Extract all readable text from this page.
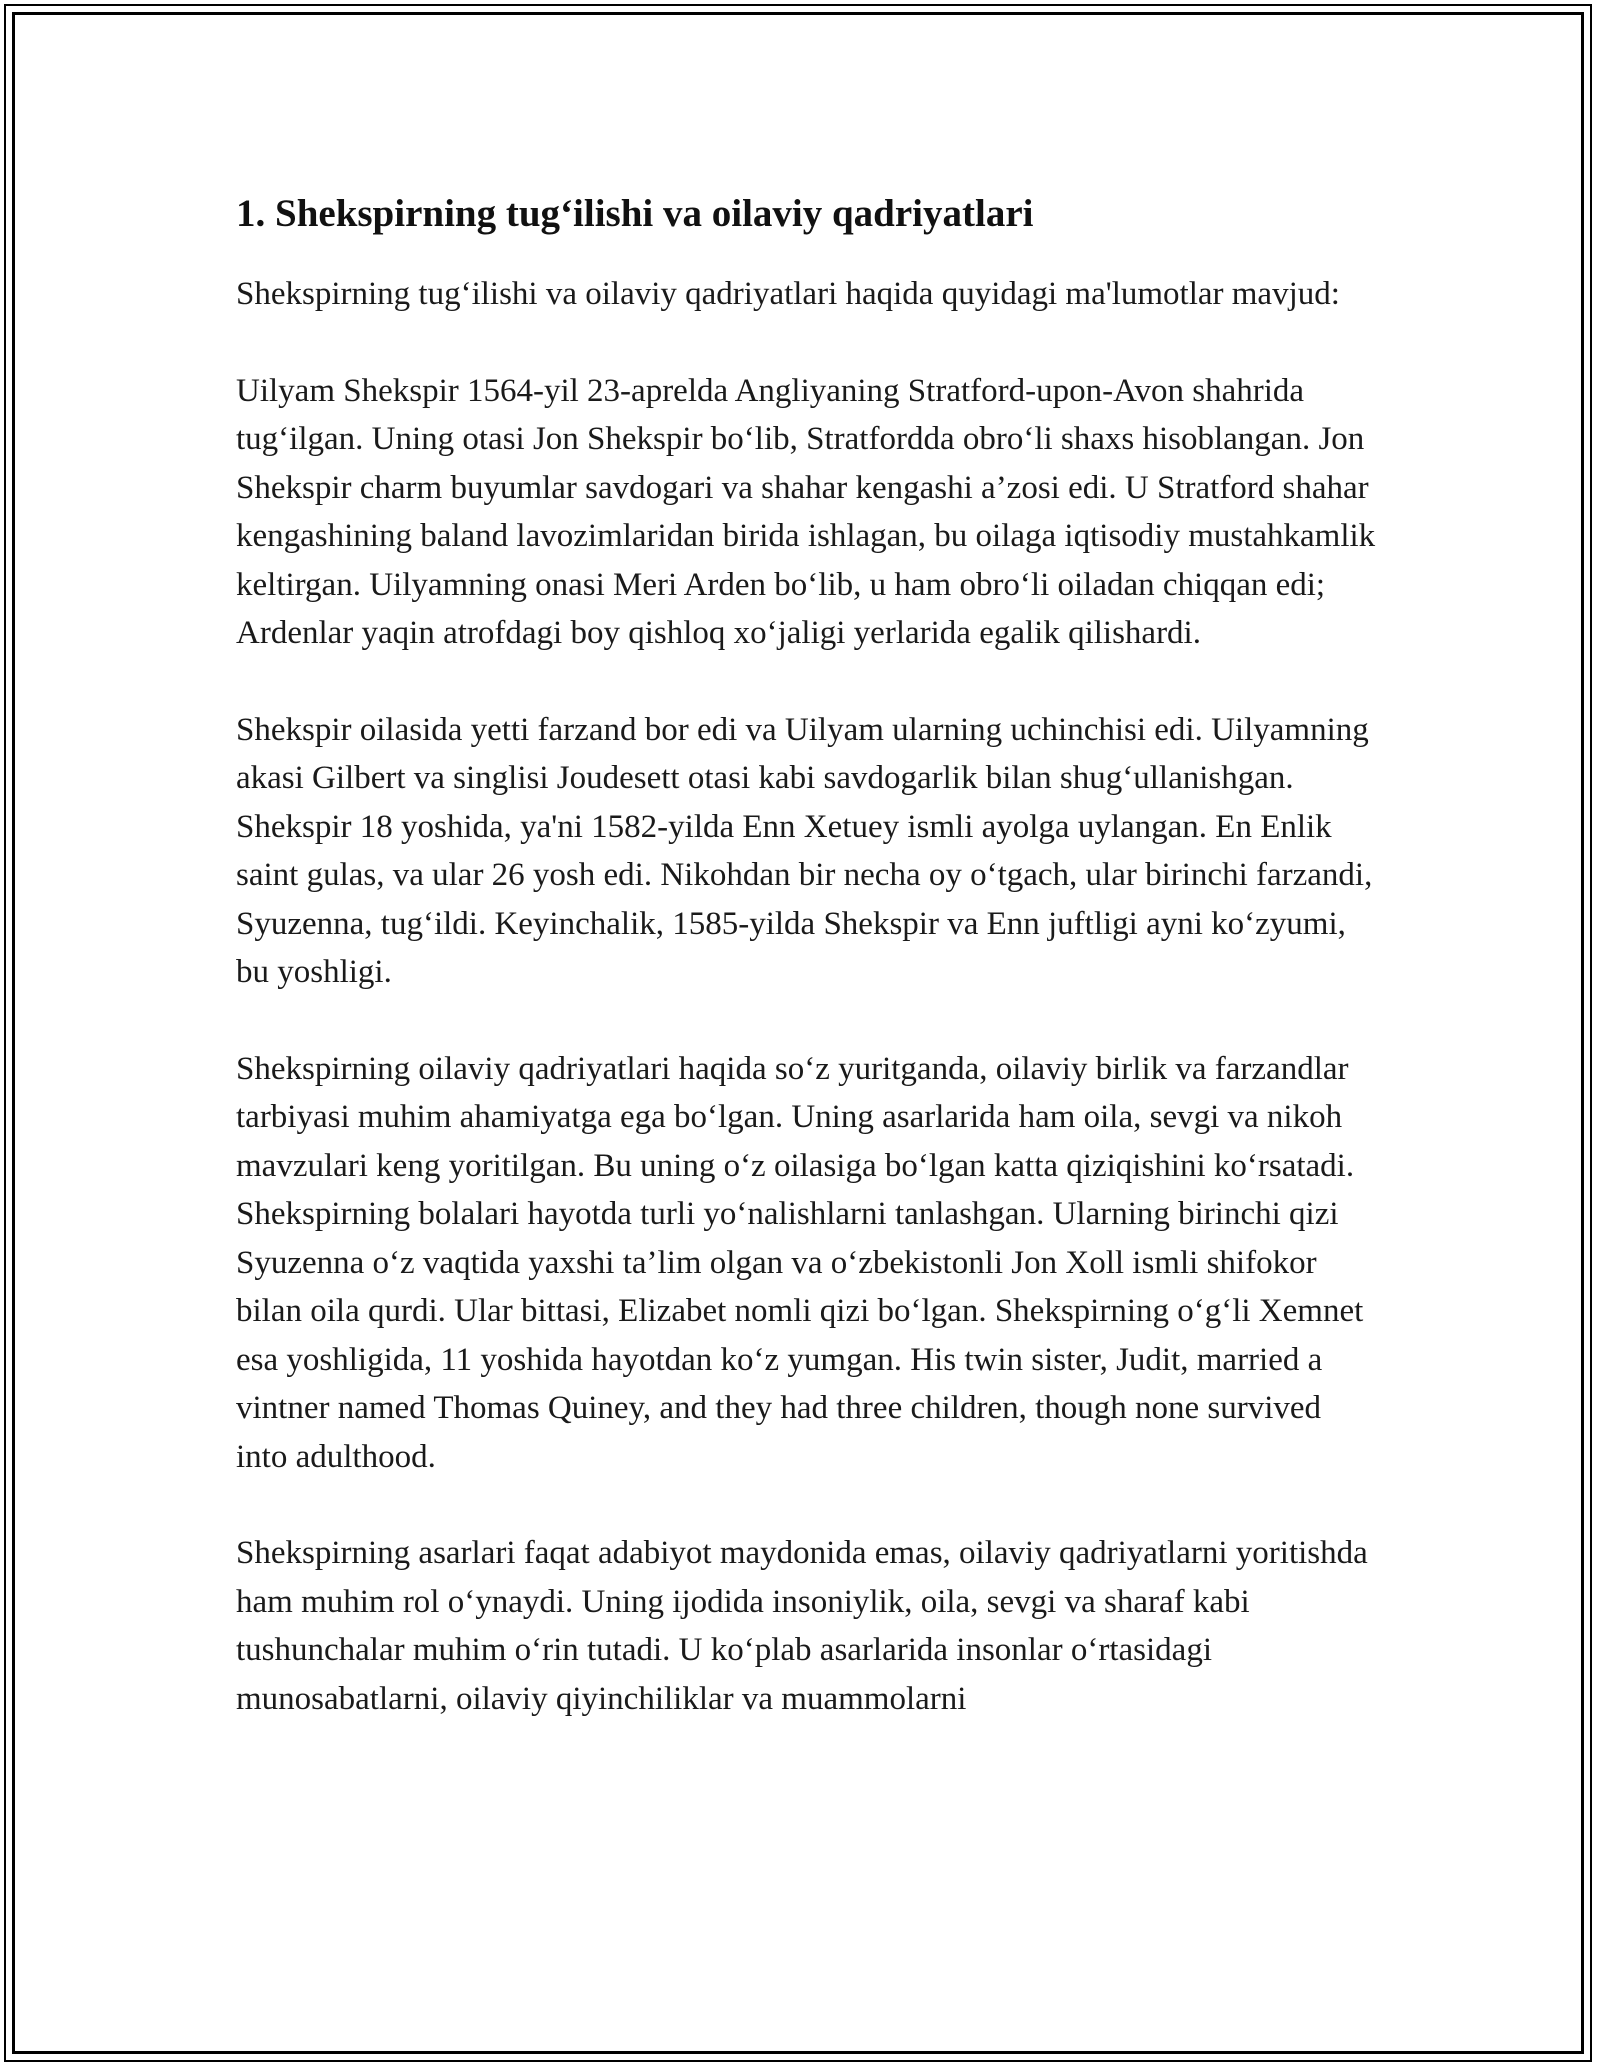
1. Shekspirning tug‘ilishi va oilaviy qadriyatlari

Shekspirning tug‘ilishi va oilaviy qadriyatlari haqida quyidagi ma'lumotlar mavjud:

Uilyam Shekspir 1564-yil 23-aprelda Angliyaning Stratford-upon-Avon shahrida tug‘ilgan. Uning otasi Jon Shekspir bo‘lib, Stratfordda obro‘li shaxs hisoblangan. Jon Shekspir charm buyumlar savdogari va shahar kengashi a’zosi edi. U Stratford shahar kengashining baland lavozimlaridan birida ishlagan, bu oilaga iqtisodiy mustahkamlik keltirgan. Uilyamning onasi Meri Arden bo‘lib, u ham obro‘li oiladan chiqqan edi; Ardenlar yaqin atrofdagi boy qishloq xo‘jaligi yerlarida egalik qilishardi.

Shekspir oilasida yetti farzand bor edi va Uilyam ularning uchinchisi edi. Uilyamning akasi Gilbert va singlisi Joudesett otasi kabi savdogarlik bilan shug‘ullanishgan. Shekspir 18 yoshida, ya'ni 1582-yilda Enn Xetuey ismli ayolga uylangan. En Enlik saint gulas, va ular 26 yosh edi. Nikohdan bir necha oy o‘tgach, ular birinchi farzandi, Syuzenna, tug‘ildi. Keyinchalik, 1585-yilda Shekspir va Enn juftligi ayni ko‘zyumi, bu yoshligi.

Shekspirning oilaviy qadriyatlari haqida so‘z yuritganda, oilaviy birlik va farzandlar tarbiyasi muhim ahamiyatga ega bo‘lgan. Uning asarlarida ham oila, sevgi va nikoh mavzulari keng yoritilgan. Bu uning o‘z oilasiga bo‘lgan katta qiziqishini ko‘rsatadi. Shekspirning bolalari hayotda turli yo‘nalishlarni tanlashgan. Ularning birinchi qizi Syuzenna o‘z vaqtida yaxshi ta’lim olgan va o‘zbekistonli Jon Xoll ismli shifokor bilan oila qurdi. Ular bittasi, Elizabet nomli qizi bo‘lgan. Shekspirning o‘g‘li Xemnet esa yoshligida, 11 yoshida hayotdan ko‘z yumgan. His twin sister, Judit, married a vintner named Thomas Quiney, and they had three children, though none survived into adulthood.

Shekspirning asarlari faqat adabiyot maydonida emas, oilaviy qadriyatlarni yoritishda ham muhim rol o‘ynaydi. Uning ijodida insoniylik, oila, sevgi va sharaf kabi tushunchalar muhim o‘rin tutadi. U ko‘plab asarlarida insonlar o‘rtasidagi munosabatlarni, oilaviy qiyinchiliklar va muammolarni
